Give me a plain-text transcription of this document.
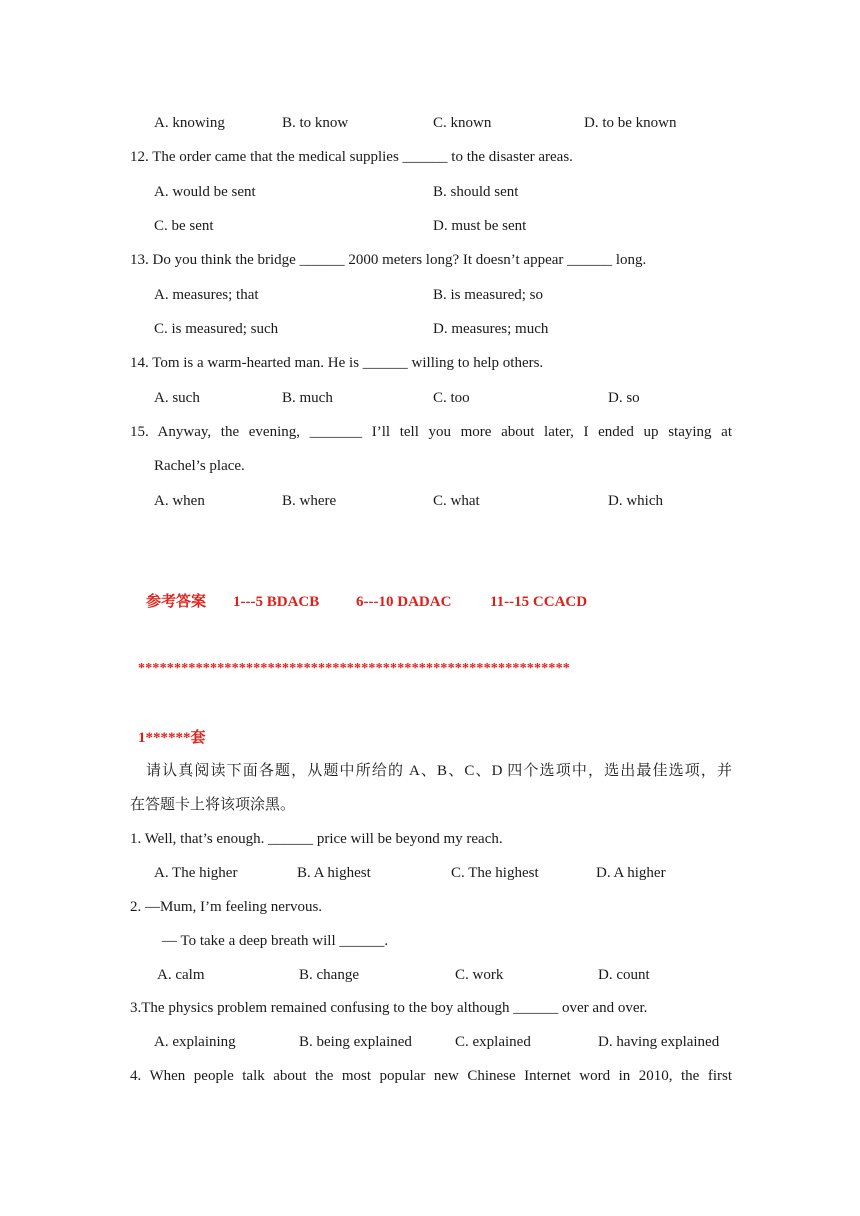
A. knowing	B. to know	C. known	D. to be known
12. The order came that the medical supplies ______ to the disaster areas.
A. would be sent	B. should sent
C. be sent	D. must be sent
13. Do you think the bridge ______ 2000 meters long? It doesn’t appear ______ long.
A. measures; that	B. is measured; so
C. is measured; such	D. measures; much
14. Tom is a warm-hearted man. He is ______ willing to help others.
A. such	B. much	C. too	D. so
15. Anyway, the evening, _______ I’ll tell you more about later, I ended up staying at
Rachel’s place.
A. when	B. where	C. what	D. which
参考答案 1---5 BDACB 6---10 DADAC	11--15 CCACD
************************************************************
1******套
请认真阅读下面各题，从题中所给的 A、B、C、D 四个选项中，选出最佳选项，并
在答题卡上将该项涂黑。
1. Well, that’s enough. ______ price will be beyond my reach.
A. The higher	B. A highest	C. The highest	D. A higher
2. —Mum, I’m feeling nervous.
— To take a deep breath will ______.
A. calm	B. change	C. work	D. count
3.The physics problem remained confusing to the boy although ______ over and over.
A. explaining	B. being explained	C. explained	D. having explained
4. When people talk about the most popular new Chinese Internet word in 2010, the first
